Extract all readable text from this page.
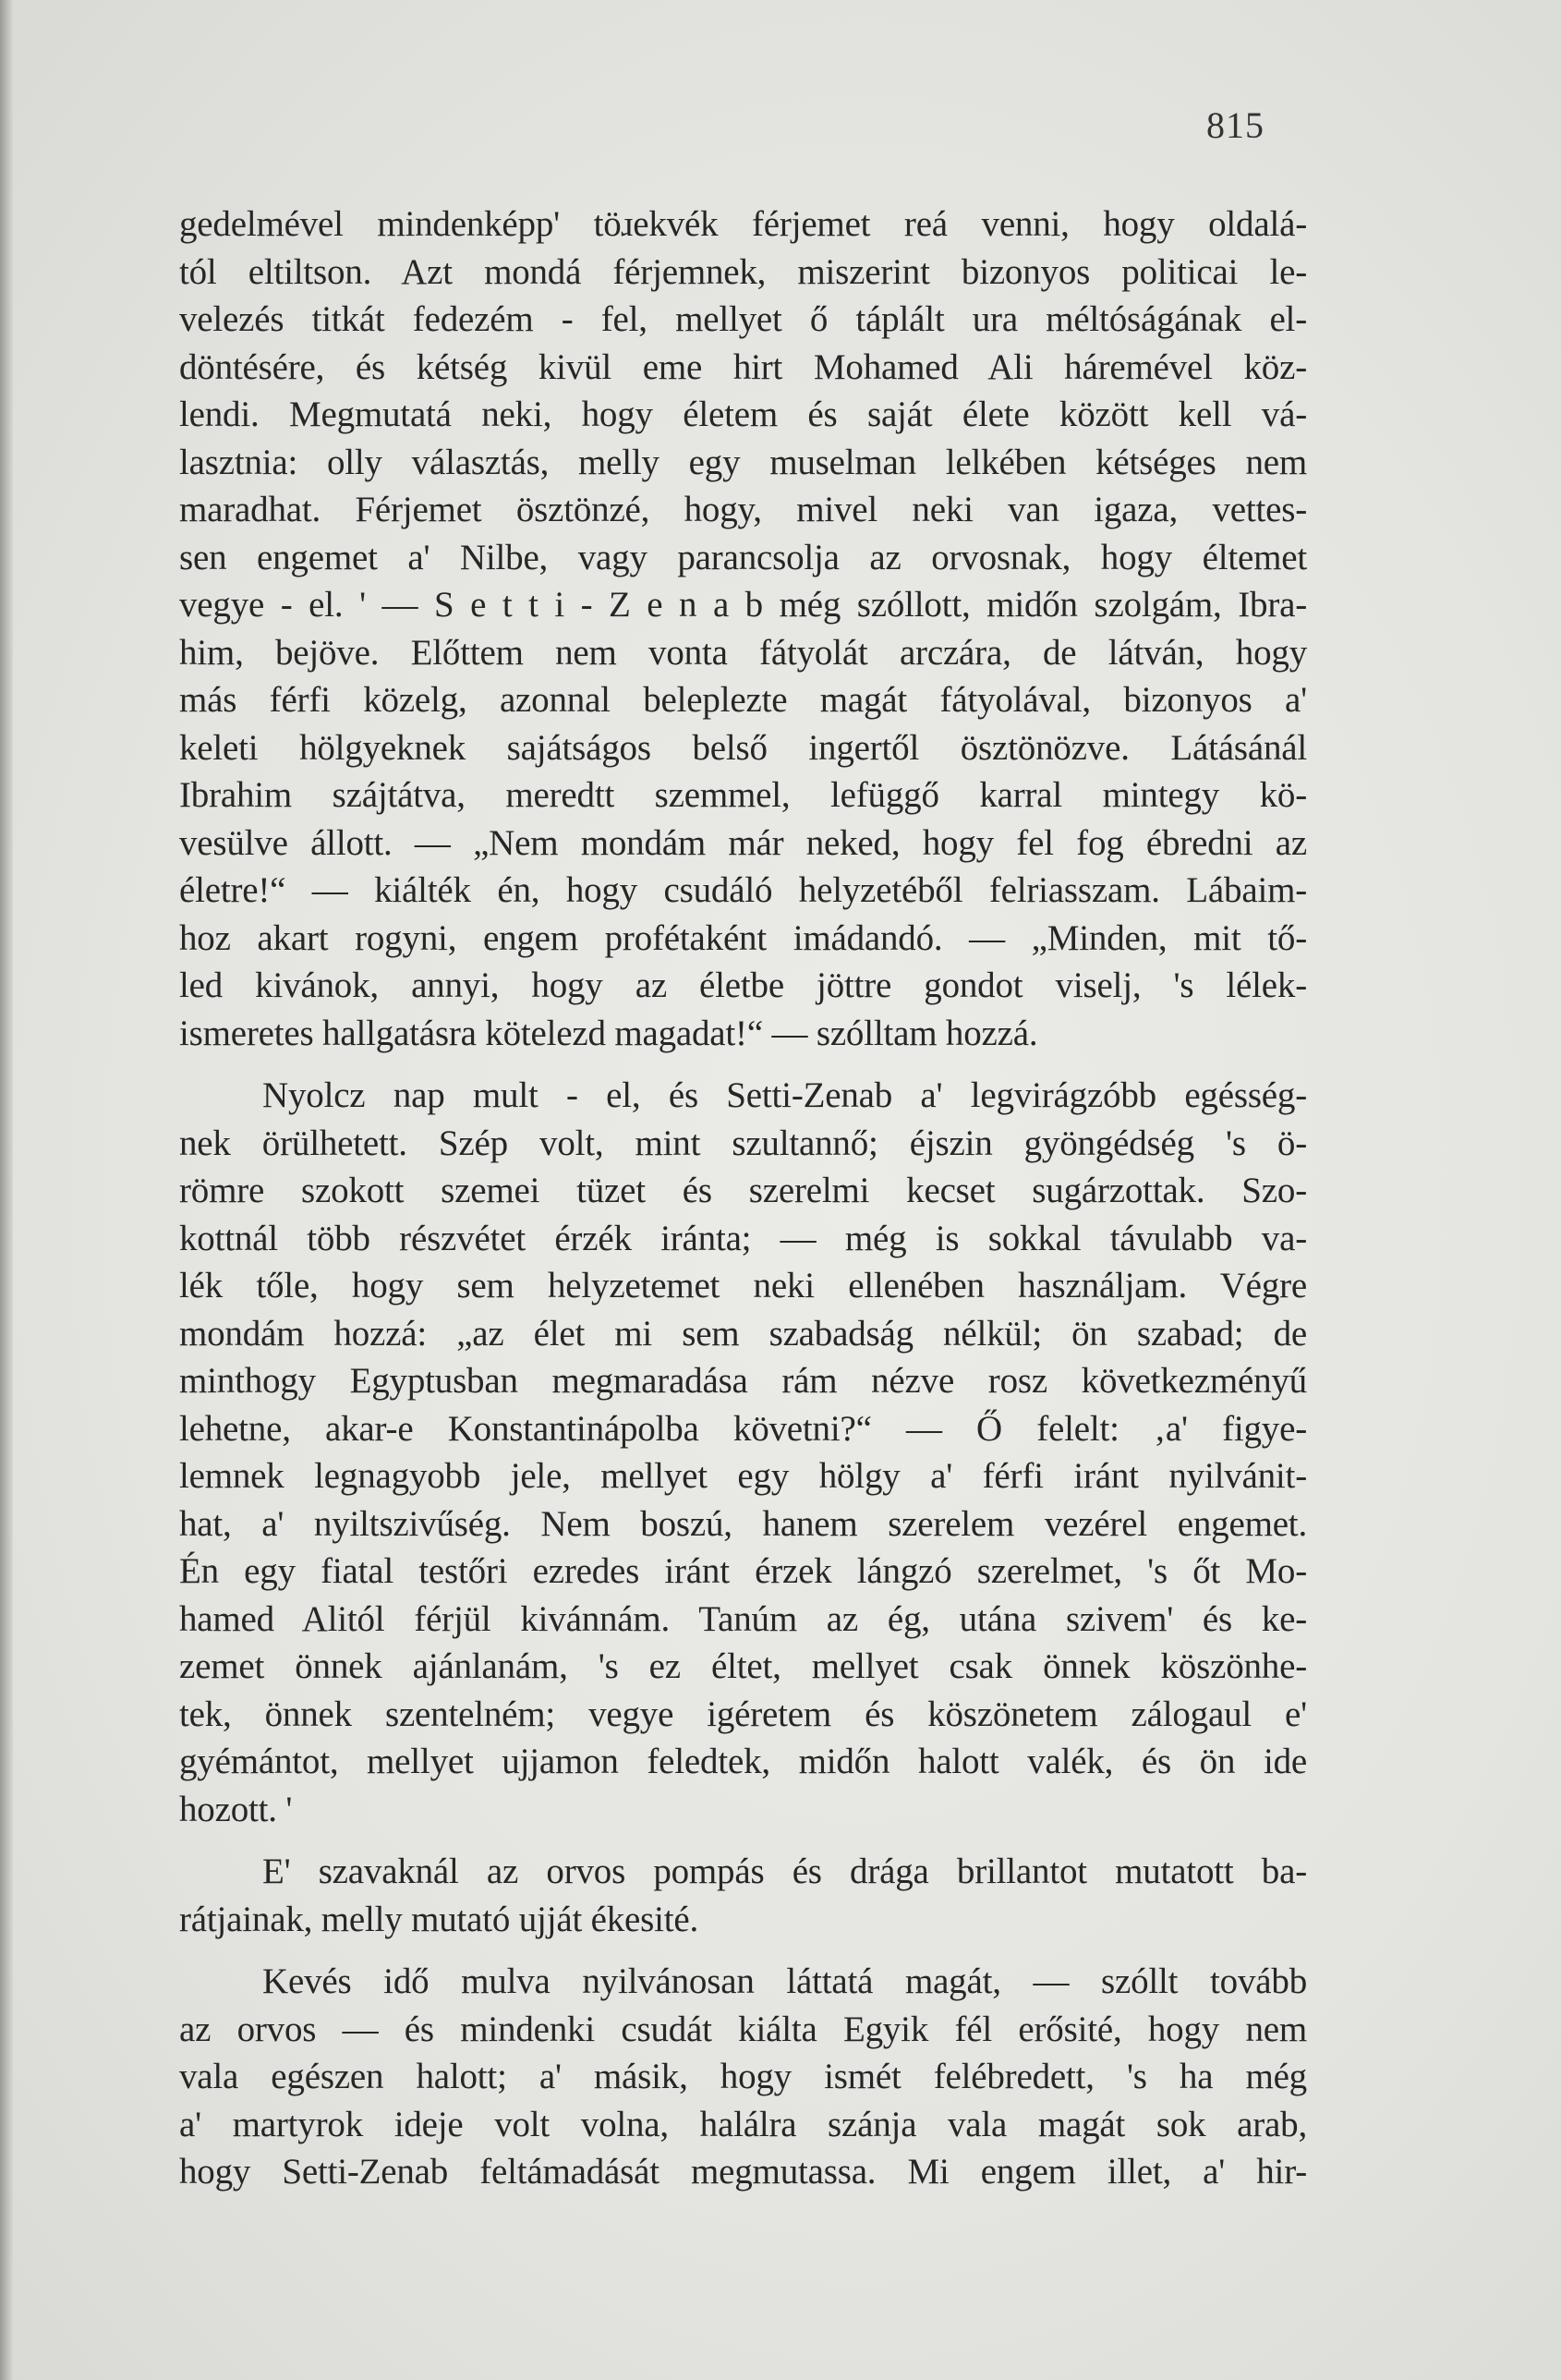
815
gedelmével mindenképp' töɹekvék férjemet reá venni, hogy oldalá-
tól eltiltson. Azt mondá férjemnek, miszerint bizonyos politicai le-
velezés titkát fedezém - fel, mellyet ő táplált ura méltóságának el-
döntésére, és kétség kivül eme hirt Mohamed Ali háremével köz-
lendi. Megmutatá neki, hogy életem és saját élete között kell vá-
lasztnia: olly választás, melly egy muselman lelkében kétséges nem
maradhat. Férjemet ösztönzé, hogy, mivel neki van igaza, vettes-
sen engemet a' Nilbe, vagy parancsolja az orvosnak, hogy éltemet
vegye - el. ' — S e t t i - Z e n a b még szóllott, midőn szolgám, Ibra-
him, bejöve. Előttem nem vonta fátyolát arczára, de látván, hogy
más férfi közelg, azonnal beleplezte magát fátyolával, bizonyos a'
keleti hölgyeknek sajátságos belső ingertől ösztönözve. Látásánál
Ibrahim szájtátva, meredtt szemmel, lefüggő karral mintegy kö-
vesülve állott. — „Nem mondám már neked, hogy fel fog ébredni az
életre!“ — kiálték én, hogy csudáló helyzetéből felriasszam. Lábaim-
hoz akart rogyni, engem profétaként imádandó. — „Minden, mit tő-
led kivánok, annyi, hogy az életbe jöttre gondot viselj, 's lélek-
ismeretes hallgatásra kötelezd magadat!“ — szólltam hozzá.
Nyolcz nap mult - el, és Setti-Zenab a' legvirágzóbb egésség-
nek örülhetett. Szép volt, mint szultannő; éjszin gyöngédség 's ö-
römre szokott szemei tüzet és szerelmi kecset sugárzottak. Szo-
kottnál több részvétet érzék iránta; — még is sokkal távulabb va-
lék tőle, hogy sem helyzetemet neki ellenében használjam. Végre
mondám hozzá: „az élet mi sem szabadság nélkül; ön szabad; de
minthogy Egyptusban megmaradása rám nézve rosz következményű
lehetne, akar-e Konstantinápolba követni?“ — Ő felelt: ‚a' figye-
lemnek legnagyobb jele, mellyet egy hölgy a' férfi iránt nyilvánit-
hat, a' nyiltszivűség. Nem boszú, hanem szerelem vezérel engemet.
Én egy fiatal testőri ezredes iránt érzek lángzó szerelmet, 's őt Mo-
hamed Alitól férjül kivánnám. Tanúm az ég, utána szivem' és ke-
zemet önnek ajánlanám, 's ez éltet, mellyet csak önnek köszönhe-
tek, önnek szentelném; vegye igéretem és köszönetem zálogaul e'
gyémántot, mellyet ujjamon feledtek, midőn halott valék, és ön ide
hozott. '
E' szavaknál az orvos pompás és drága brillantot mutatott ba-
rátjainak, melly mutató ujját ékesité.
Kevés idő mulva nyilvánosan láttatá magát, — szóllt tovább
az orvos — és mindenki csudát kiálta Egyik fél erősité, hogy nem
vala egészen halott; a' másik, hogy ismét felébredett, 's ha még
a' martyrok ideje volt volna, halálra szánja vala magát sok arab,
hogy Setti-Zenab feltámadását megmutassa. Mi engem illet, a' hir-
